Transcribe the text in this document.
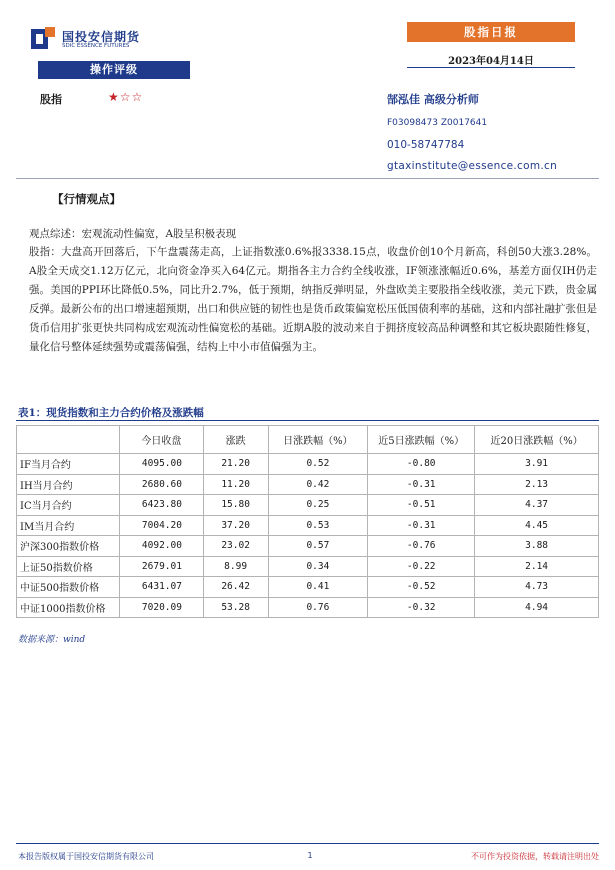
国投安信期货
SDIC ESSENCE FUTURES
股指日报
2023年04月14日
操作评级
股指	★☆☆	郜泓佳 高级分析师
F03098473 Z0017641
010-58747784
gtaxinstitute@essence.com.cn
【行情观点】
观点综述：宏观流动性偏宽，A股呈积极表现
股指：大盘高开回落后，下午盘震荡走高，上证指数涨0.6%报3338.15点，收盘价创10个月新高，科创50大涨3.28%。A股全天成交1.12万亿元，北向资金净买入64亿元。期指各主力合约全线收涨，IF领涨涨幅近0.6%，基差方面仅IH仍走强。美国的PPI环比降低0.5%，同比升2.7%，低于预期，纳指反弹明显，外盘欧美主要股指全线收涨，美元下跌，贵金属反弹。最新公布的出口增速超预期，出口和供应链的韧性也是货币政策偏宽松压低国债利率的基础，这和内部社融扩张但是货币信用扩张更快共同构成宏观流动性偏宽松的基础。近期A股的波动来自于拥挤度较高品种调整和其它板块跟随性修复，量化信号整体延续强势或震荡偏强，结构上中小市值偏强为主。
表1：现货指数和主力合约价格及涨跌幅
	今日收盘	涨跌	日涨跌幅（%）	近5日涨跌幅（%）	近20日涨跌幅（%）
IF当月合约	4095.00	21.20	0.52	-0.80	3.91
IH当月合约	2680.60	11.20	0.42	-0.31	2.13
IC当月合约	6423.80	15.80	0.25	-0.51	4.37
IM当月合约	7004.20	37.20	0.53	-0.31	4.45
沪深300指数价格	4092.00	23.02	0.57	-0.76	3.88
上证50指数价格	2679.01	8.99	0.34	-0.22	2.14
中证500指数价格	6431.07	26.42	0.41	-0.52	4.73
中证1000指数价格	7020.09	53.28	0.76	-0.32	4.94
数据来源：wind
本报告版权属于国投安信期货有限公司	1	不可作为投资依据，转载请注明出处
